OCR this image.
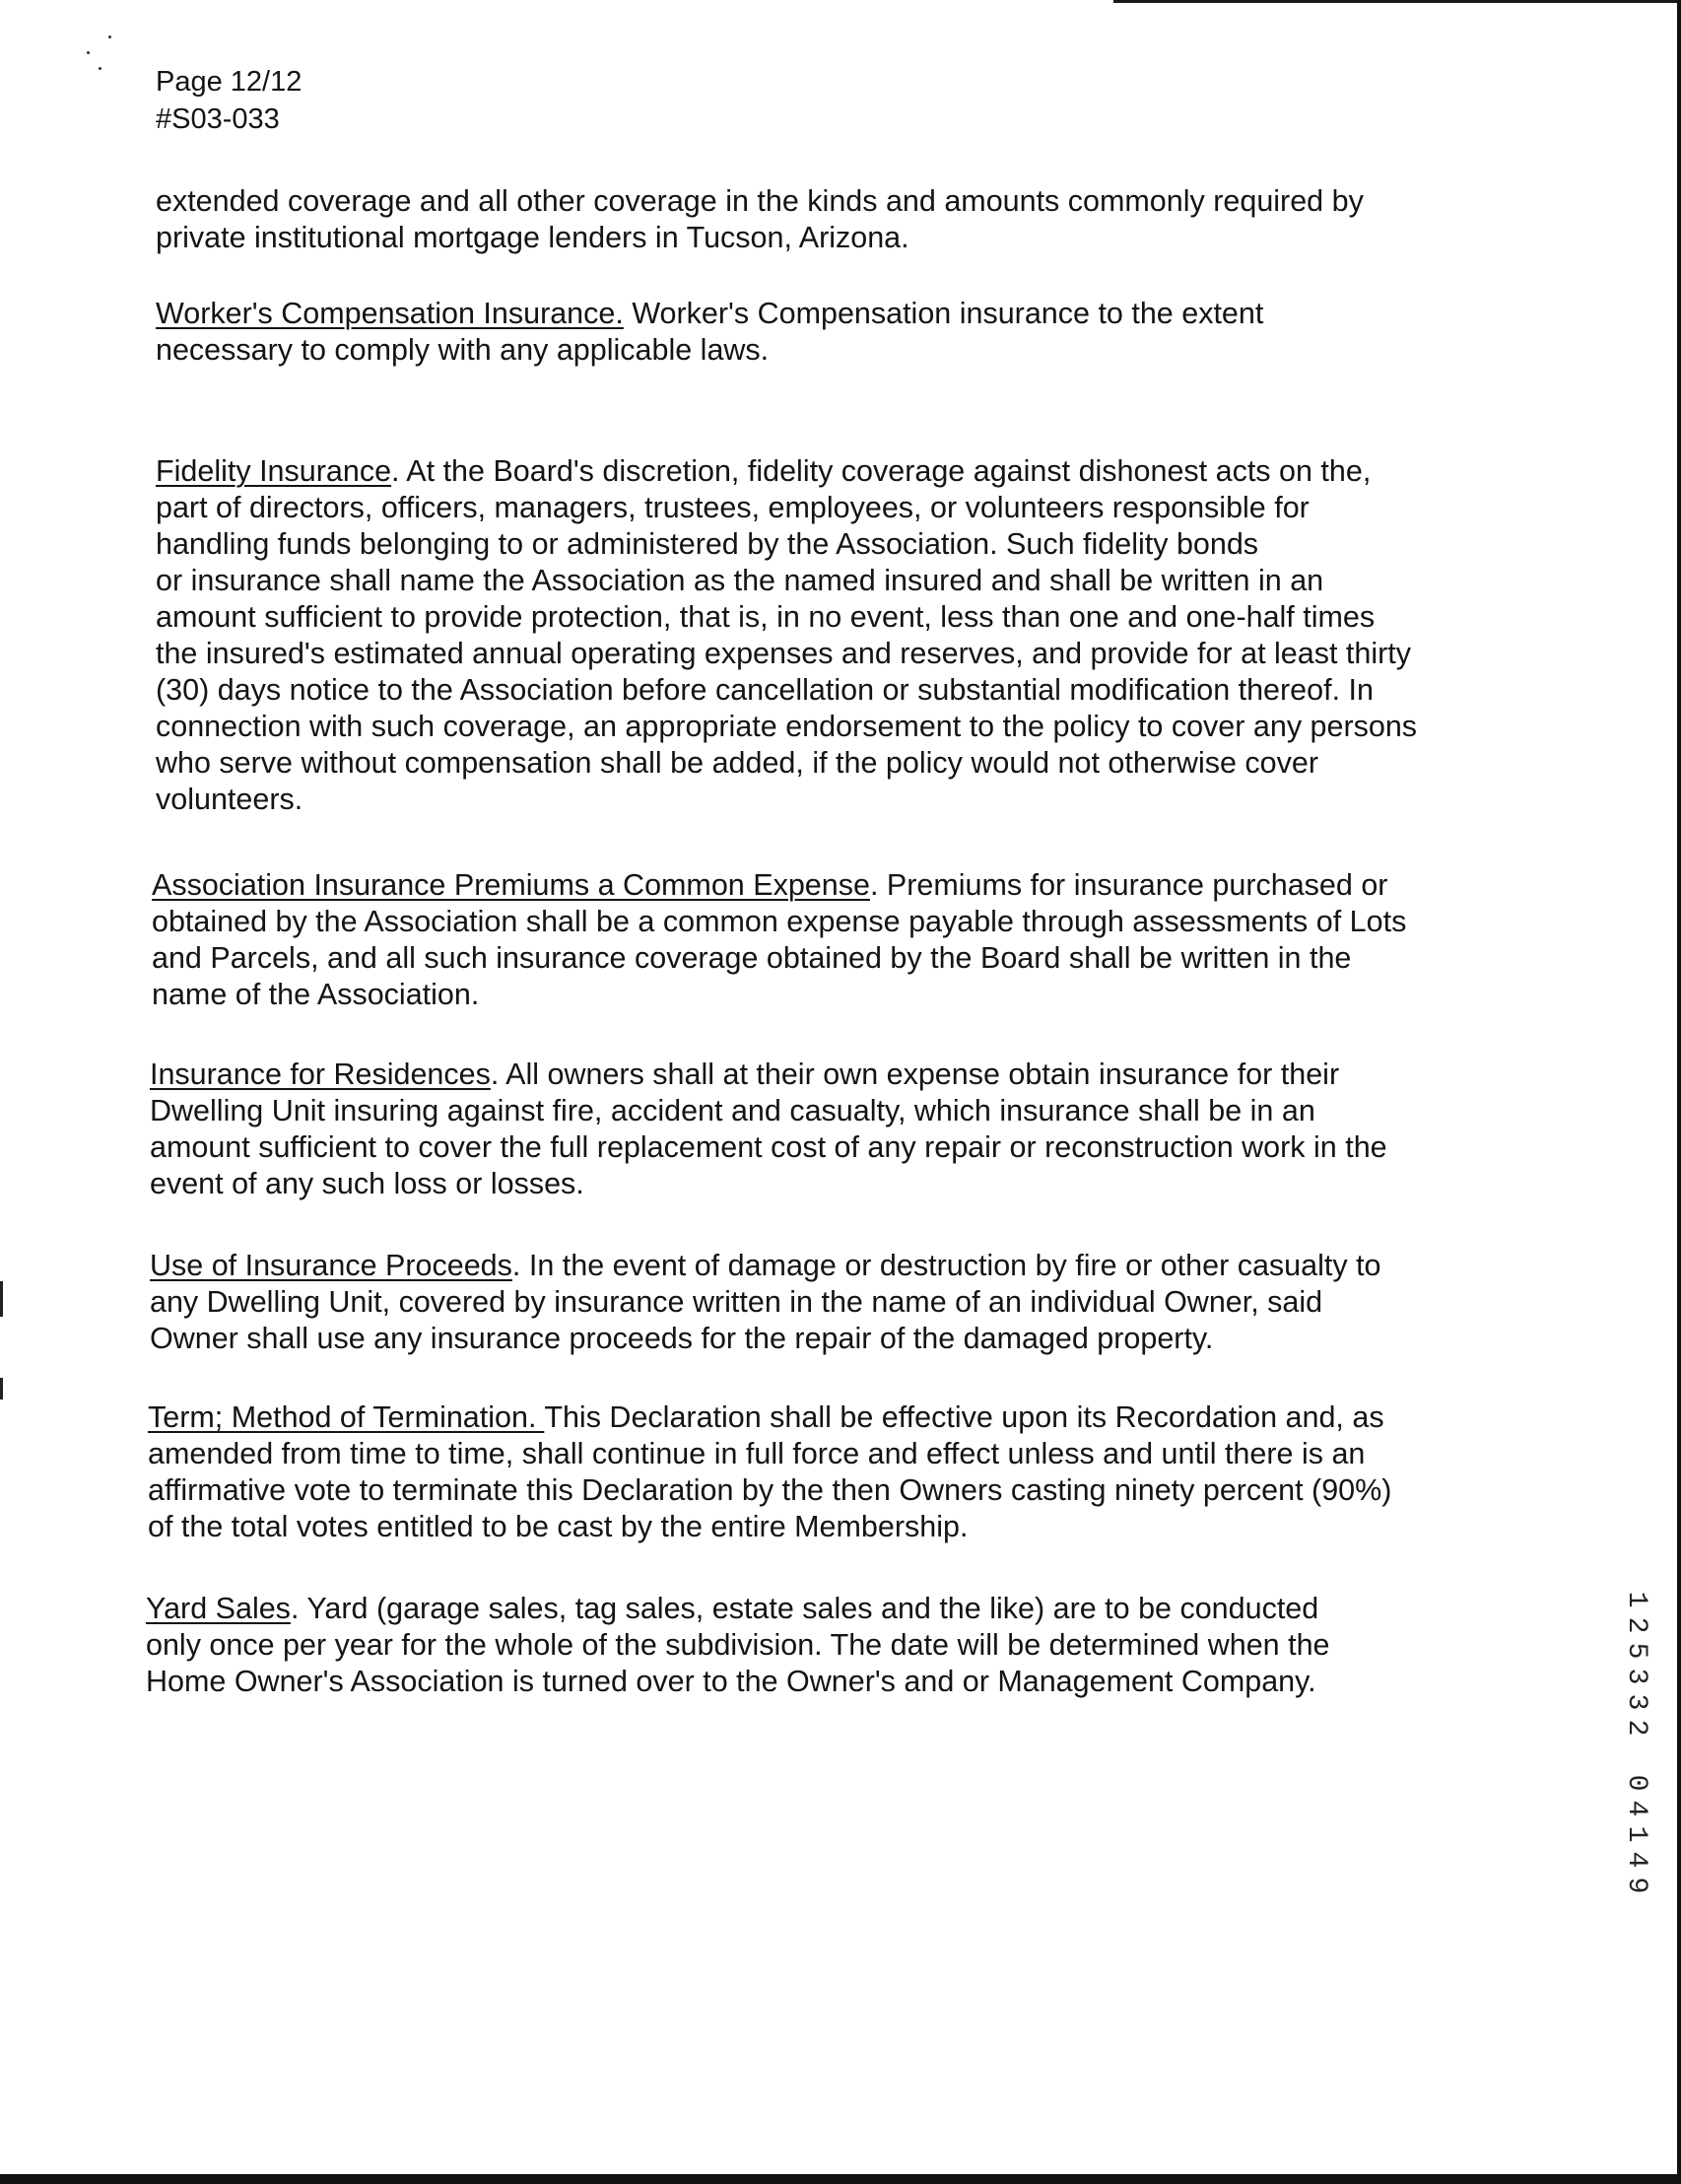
Page 12/12
#S03-033
extended coverage and all other coverage in the kinds and amounts commonly required by
private institutional mortgage lenders in Tucson, Arizona.
Worker's Compensation Insurance. Worker's Compensation insurance to the extent
necessary to comply with any applicable laws.
Fidelity Insurance. At the Board's discretion, fidelity coverage against dishonest acts on the,
part of directors, officers, managers, trustees, employees, or volunteers responsible for
handling funds belonging to or administered by the Association. Such fidelity bonds
or insurance shall name the Association as the named insured and shall be written in an
amount sufficient to provide protection, that is, in no event, less than one and one-half times
the insured's estimated annual operating expenses and reserves, and provide for at least thirty
(30) days notice to the Association before cancellation or substantial modification thereof. In
connection with such coverage, an appropriate endorsement to the policy to cover any persons
who serve without compensation shall be added, if the policy would not otherwise cover
volunteers.
Association Insurance Premiums a Common Expense. Premiums for insurance purchased or
obtained by the Association shall be a common expense payable through assessments of Lots
and Parcels, and all such insurance coverage obtained by the Board shall be written in the
name of the Association.
Insurance for Residences. All owners shall at their own expense obtain insurance for their
Dwelling Unit insuring against fire, accident and casualty, which insurance shall be in an
amount sufficient to cover the full replacement cost of any repair or reconstruction work in the
event of any such loss or losses.
Use of Insurance Proceeds. In the event of damage or destruction by fire or other casualty to
any Dwelling Unit, covered by insurance written in the name of an individual Owner, said
Owner shall use any insurance proceeds for the repair of the damaged property.
Term; Method of Termination. This Declaration shall be effective upon its Recordation and, as
amended from time to time, shall continue in full force and effect unless and until there is an
affirmative vote to terminate this Declaration by the then Owners casting ninety percent (90%)
of the total votes entitled to be cast by the entire Membership.
Yard Sales. Yard (garage sales, tag sales, estate sales and the like) are to be conducted
only once per year for the whole of the subdivision. The date will be determined when the
Home Owner's Association is turned over to the Owner's and or Management Company.
1
2
5
3
3
2
0
4
1
4
9
